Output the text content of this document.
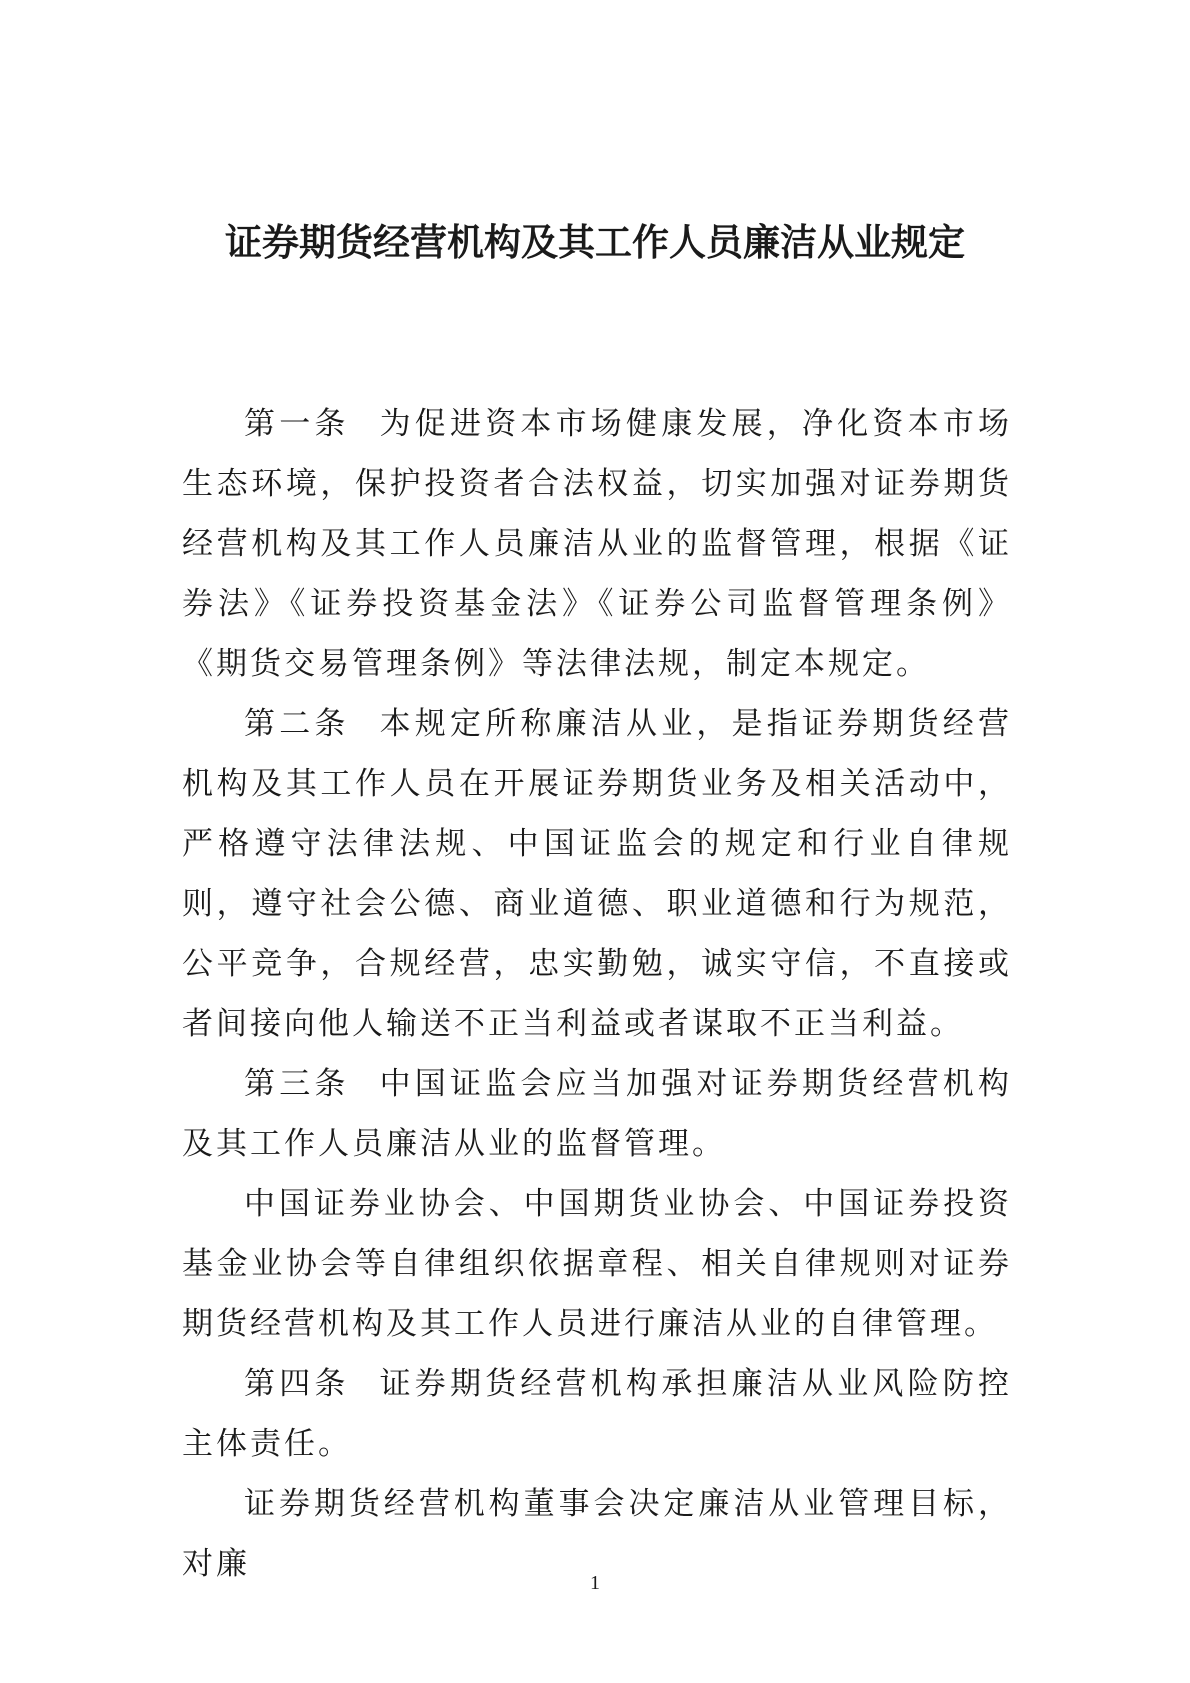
证券期货经营机构及其工作人员廉洁从业规定

第一条 为促进资本市场健康发展，净化资本市场生态环境，保护投资者合法权益，切实加强对证券期货经营机构及其工作人员廉洁从业的监督管理，根据《证券法》《证券投资基金法》《证券公司监督管理条例》《期货交易管理条例》等法律法规，制定本规定。

第二条 本规定所称廉洁从业，是指证券期货经营机构及其工作人员在开展证券期货业务及相关活动中，严格遵守法律法规、中国证监会的规定和行业自律规则，遵守社会公德、商业道德、职业道德和行为规范，公平竞争，合规经营，忠实勤勉，诚实守信，不直接或者间接向他人输送不正当利益或者谋取不正当利益。

第三条 中国证监会应当加强对证券期货经营机构及其工作人员廉洁从业的监督管理。

中国证券业协会、中国期货业协会、中国证券投资基金业协会等自律组织依据章程、相关自律规则对证券期货经营机构及其工作人员进行廉洁从业的自律管理。

第四条 证券期货经营机构承担廉洁从业风险防控主体责任。

证券期货经营机构董事会决定廉洁从业管理目标，对廉

1
